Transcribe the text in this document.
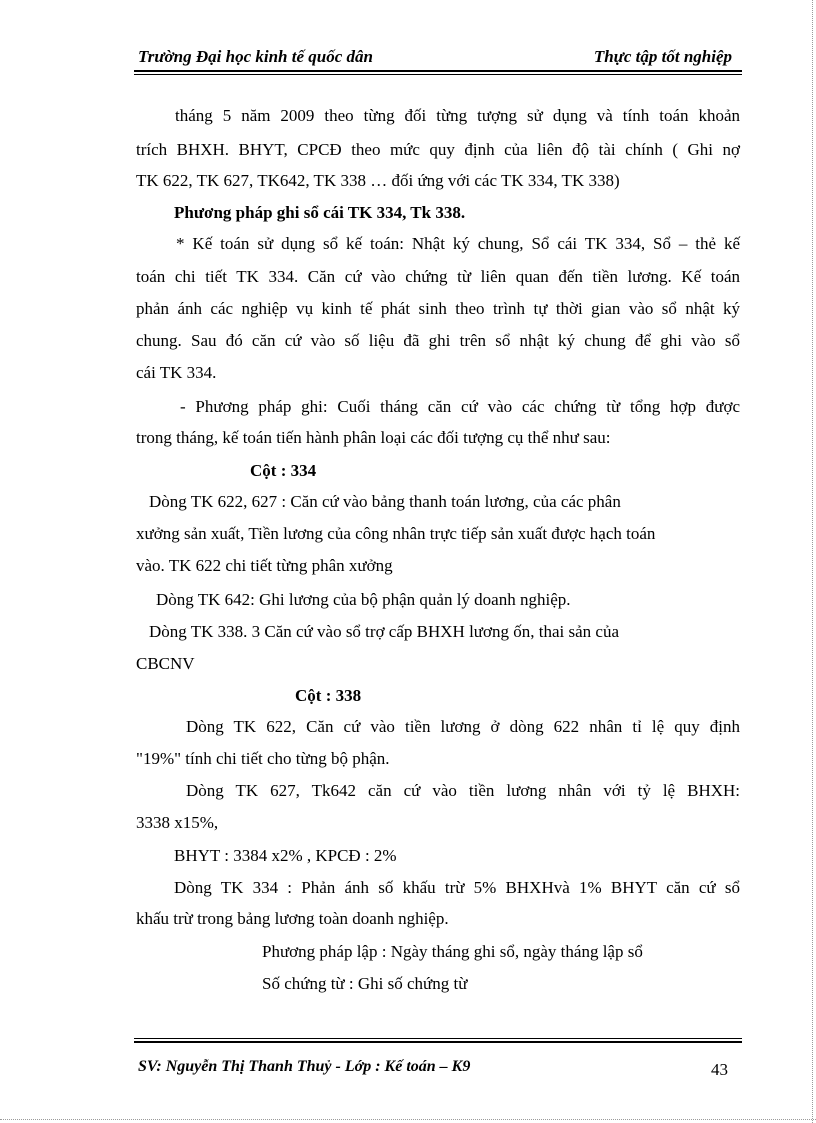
Trường Đại học kinh tế quốc dân	Thực tập tốt nghiệp
tháng 5 năm 2009 theo từng đối từng tượng sử dụng và tính toán khoản
trích BHXH. BHYT, CPCĐ theo mức quy định của liên độ tài chính ( Ghi nợ
TK 622, TK 627, TK642, TK 338 … đối ứng với các TK 334, TK 338)
Phương pháp ghi sổ cái TK 334, Tk 338.
* Kế toán sử dụng sổ kế toán: Nhật ký chung, Sổ cái TK 334, Sổ – thẻ kế
toán chi tiết TK 334. Căn cứ vào chứng từ liên quan đến tiền lương. Kế toán
phản ánh các nghiệp vụ kinh tế phát sinh theo trình tự thời gian vào sổ nhật ký
chung. Sau đó căn cứ vào số liệu đã ghi trên sổ nhật ký chung để ghi vào sổ
cái TK 334.
- Phương pháp ghi: Cuối tháng căn cứ vào các chứng từ tổng hợp được
trong tháng, kế toán tiến hành phân loại các đối tượng cụ thể như sau:
Cột : 334
Dòng TK 622, 627 : Căn cứ vào bảng thanh toán lương, của các phân
xưởng sản xuất, Tiền lương của công nhân trực tiếp sản xuất được hạch toán
vào. TK 622 chi tiết từng phân xưởng
Dòng TK 642: Ghi lương của bộ phận quản lý doanh nghiệp.
Dòng TK 338. 3 Căn cứ vào sổ trợ cấp BHXH lương ốn, thai sản của
CBCNV
Cột : 338
Dòng TK 622, Căn cứ vào tiền lương ở dòng 622 nhân tỉ lệ quy định
"19%" tính chi tiết cho từng bộ phận.
Dòng TK 627, Tk642 căn cứ vào tiền lương nhân với tỷ lệ BHXH:
3338 x15%,
BHYT : 3384 x2% , KPCĐ : 2%
Dòng TK 334 : Phản ánh số khấu trừ 5% BHXHvà 1% BHYT căn cứ sổ
khấu trừ trong bảng lương toàn doanh nghiệp.
Phương pháp lập : Ngày tháng ghi sổ, ngày tháng lập sổ
Số chứng từ : Ghi số chứng từ
SV: Nguyễn Thị Thanh Thuỷ - Lớp : Kế toán – K9	43
